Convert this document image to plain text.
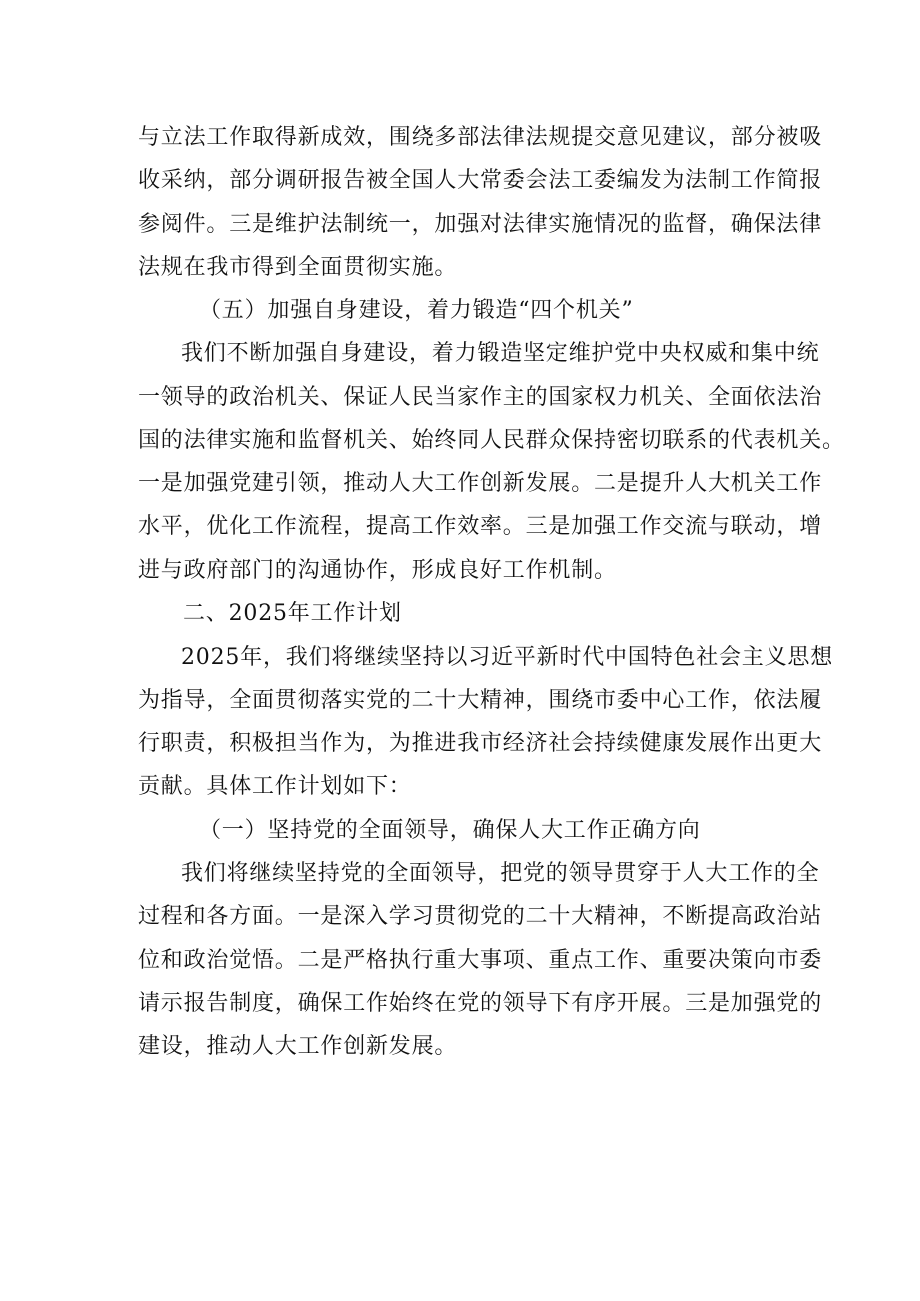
与立法工作取得新成效，围绕多部法律法规提交意见建议，部分被吸
收采纳，部分调研报告被全国人大常委会法工委编发为法制工作简报
参阅件。三是维护法制统一，加强对法律实施情况的监督，确保法律
法规在我市得到全面贯彻实施。
（五）加强自身建设，着力锻造“四个机关”
我们不断加强自身建设，着力锻造坚定维护党中央权威和集中统
一领导的政治机关、保证人民当家作主的国家权力机关、全面依法治
国的法律实施和监督机关、始终同人民群众保持密切联系的代表机关。
一是加强党建引领，推动人大工作创新发展。二是提升人大机关工作
水平，优化工作流程，提高工作效率。三是加强工作交流与联动，增
进与政府部门的沟通协作，形成良好工作机制。
二、2025年工作计划
2025年，我们将继续坚持以习近平新时代中国特色社会主义思想
为指导，全面贯彻落实党的二十大精神，围绕市委中心工作，依法履
行职责，积极担当作为，为推进我市经济社会持续健康发展作出更大
贡献。具体工作计划如下：
（一）坚持党的全面领导，确保人大工作正确方向
我们将继续坚持党的全面领导，把党的领导贯穿于人大工作的全
过程和各方面。一是深入学习贯彻党的二十大精神，不断提高政治站
位和政治觉悟。二是严格执行重大事项、重点工作、重要决策向市委
请示报告制度，确保工作始终在党的领导下有序开展。三是加强党的
建设，推动人大工作创新发展。
